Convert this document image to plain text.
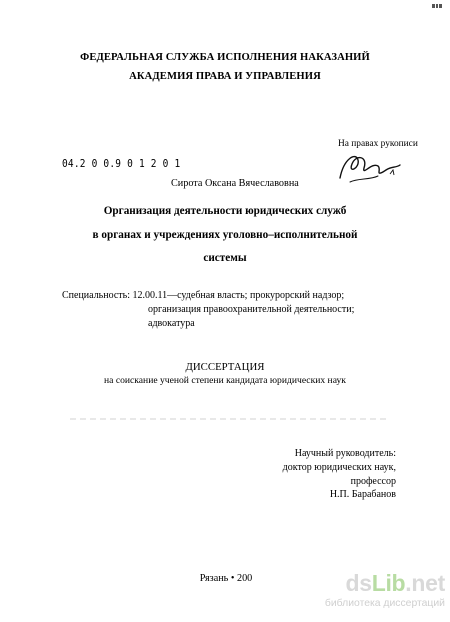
ФЕДЕРАЛЬНАЯ СЛУЖБА ИСПОЛНЕНИЯ НАКАЗАНИЙ
АКАДЕМИЯ ПРАВА И УПРАВЛЕНИЯ
На правах рукописи
04.2 0 0.9 0 1 2 0 1
Сирота Оксана Вячеславовна
Организация деятельности юридических служб
в органах и учреждениях уголовно–исполнительной
системы
Специальность: 12.00.11—судебная власть; прокурорский надзор;
организация правоохранительной деятельности;
адвокатура
ДИССЕРТАЦИЯ
на соискание ученой степени кандидата юридических наук
Научный руководитель:
доктор юридических наук,
профессор
Н.П. Барабанов
Рязань • 200	dsLib.net
библиотека диссертаций
